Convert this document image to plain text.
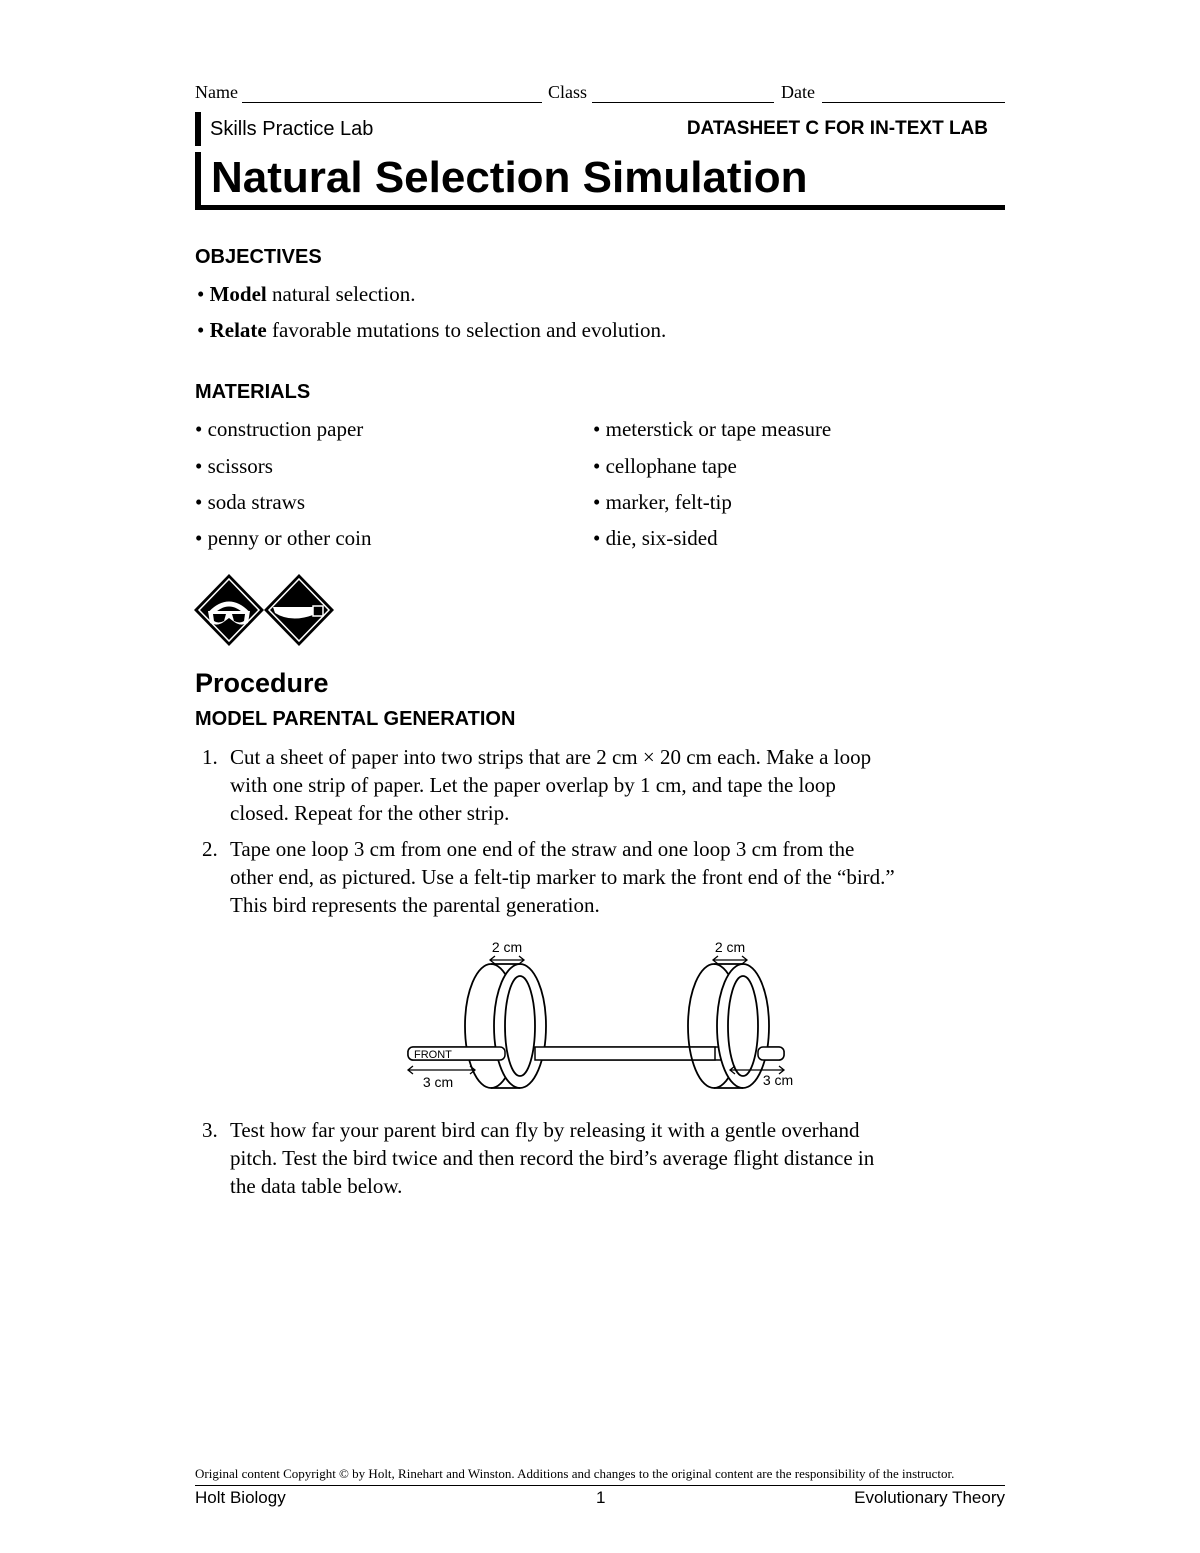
Name	Class	Date
Skills Practice Lab	DATASHEET C FOR IN-TEXT LAB
Natural Selection Simulation
OBJECTIVES
• Model natural selection.
• Relate favorable mutations to selection and evolution.
MATERIALS
• construction paper
• scissors
• soda straws
• penny or other coin
• meterstick or tape measure
• cellophane tape
• marker, felt-tip
• die, six-sided
Procedure
MODEL PARENTAL GENERATION
1. Cut a sheet of paper into two strips that are 2 cm × 20 cm each. Make a loop
with one strip of paper. Let the paper overlap by 1 cm, and tape the loop
closed. Repeat for the other strip.
2. Tape one loop 3 cm from one end of the straw and one loop 3 cm from the
other end, as pictured. Use a felt-tip marker to mark the front end of the “bird.”
This bird represents the parental generation.
2 cm	2 cm
FRONT
3 cm	3 cm
3. Test how far your parent bird can fly by releasing it with a gentle overhand
pitch. Test the bird twice and then record the bird’s average flight distance in
the data table below.
Original content Copyright © by Holt, Rinehart and Winston. Additions and changes to the original content are the responsibility of the instructor.
Holt Biology	1	Evolutionary Theory
